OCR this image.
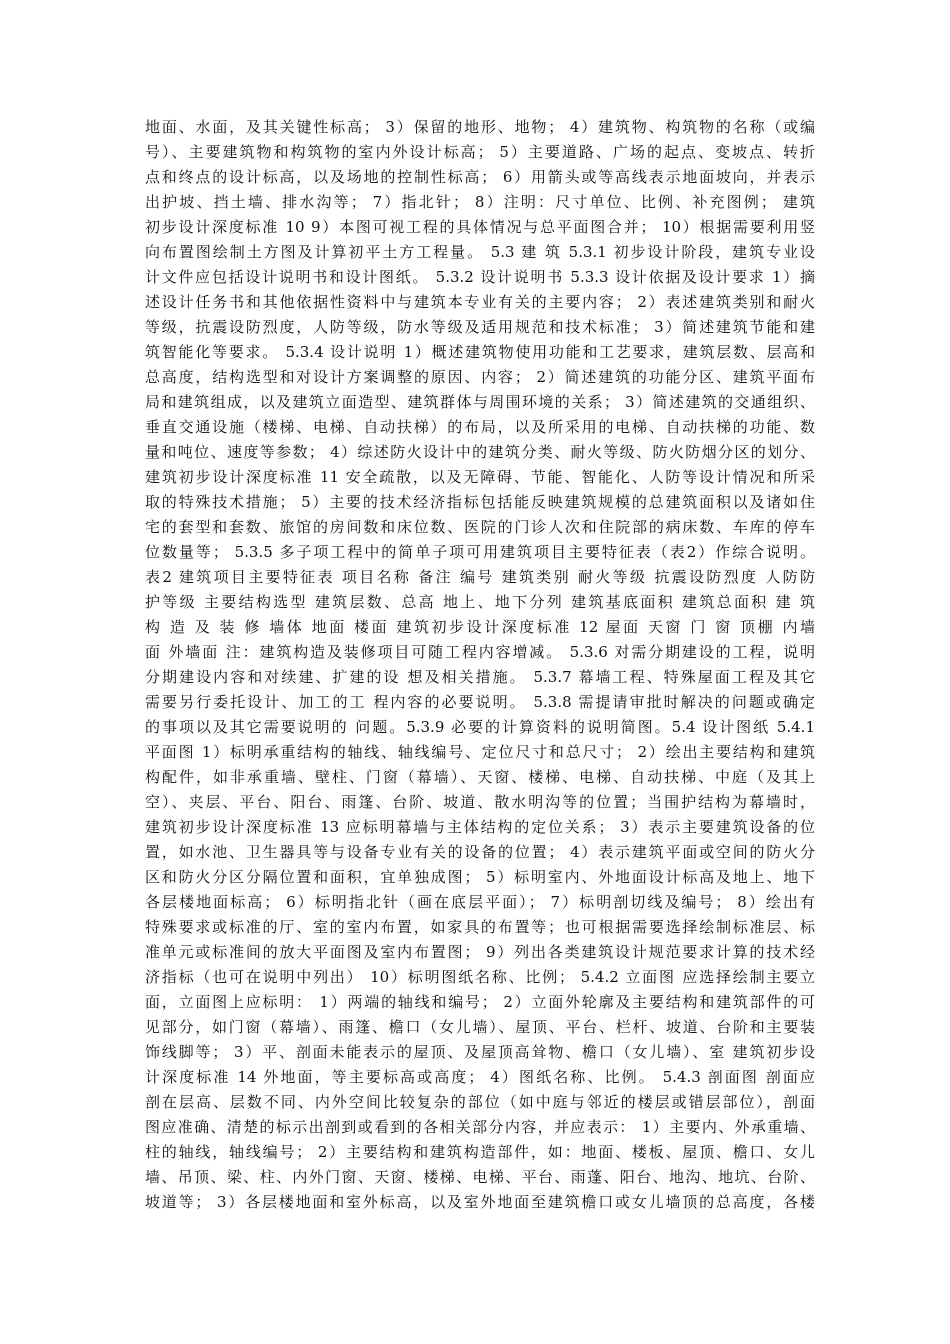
地面、水面，及其关键性标高； 3）保留的地形、地物； 4）建筑物、构筑物的名称（或编
号）、主要建筑物和构筑物的室内外设计标高； 5）主要道路、广场的起点、变坡点、转折
点和终点的设计标高，以及场地的控制性标高； 6）用箭头或等高线表示地面坡向，并表示
出护坡、挡土墙、排水沟等； 7）指北针； 8）注明：尺寸单位、比例、补充图例； 建筑
初步设计深度标准 10 9）本图可视工程的具体情况与总平面图合并； 10）根据需要利用竖
向布置图绘制土方图及计算初平土方工程量。 5.3 建 筑 5.3.1 初步设计阶段，建筑专业设
计文件应包括设计说明书和设计图纸。 5.3.2 设计说明书 5.3.3 设计依据及设计要求 1）摘
述设计任务书和其他依据性资料中与建筑本专业有关的主要内容； 2）表述建筑类别和耐火
等级，抗震设防烈度，人防等级，防水等级及适用规范和技术标准； 3）简述建筑节能和建
筑智能化等要求。 5.3.4 设计说明 1）概述建筑物使用功能和工艺要求，建筑层数、层高和
总高度，结构选型和对设计方案调整的原因、内容； 2）简述建筑的功能分区、建筑平面布
局和建筑组成，以及建筑立面造型、建筑群体与周围环境的关系； 3）简述建筑的交通组织、
垂直交通设施（楼梯、电梯、自动扶梯）的布局，以及所采用的电梯、自动扶梯的功能、数
量和吨位、速度等参数； 4）综述防火设计中的建筑分类、耐火等级、防火防烟分区的划分、
建筑初步设计深度标准 11 安全疏散，以及无障碍、节能、智能化、人防等设计情况和所采
取的特殊技术措施； 5）主要的技术经济指标包括能反映建筑规模的总建筑面积以及诸如住
宅的套型和套数、旅馆的房间数和床位数、医院的门诊人次和住院部的病床数、车库的停车
位数量等； 5.3.5 多子项工程中的简单子项可用建筑项目主要特征表（表2）作综合说明。
表2 建筑项目主要特征表 项目名称 备注 编号 建筑类别 耐火等级 抗震设防烈度 人防防
护等级 主要结构选型 建筑层数、总高 地上、地下分列 建筑基底面积 建筑总面积 建 筑
构 造 及 装 修 墙体 地面 楼面 建筑初步设计深度标准 12 屋面 天窗 门 窗 顶棚 内墙
面 外墙面 注：建筑构造及装修项目可随工程内容增减。 5.3.6 对需分期建设的工程，说明
分期建设内容和对续建、扩建的设 想及相关措施。 5.3.7 幕墙工程、特殊屋面工程及其它
需要另行委托设计、加工的工 程内容的必要说明。 5.3.8 需提请审批时解决的问题或确定
的事项以及其它需要说明的 问题。5.3.9 必要的计算资料的说明简图。5.4 设计图纸 5.4.1
平面图 1）标明承重结构的轴线、轴线编号、定位尺寸和总尺寸； 2）绘出主要结构和建筑
构配件，如非承重墙、壁柱、门窗（幕墙）、天窗、楼梯、电梯、自动扶梯、中庭（及其上
空）、夹层、平台、阳台、雨篷、台阶、坡道、散水明沟等的位置；当围护结构为幕墙时，
建筑初步设计深度标准 13 应标明幕墙与主体结构的定位关系； 3）表示主要建筑设备的位
置，如水池、卫生器具等与设备专业有关的设备的位置； 4）表示建筑平面或空间的防火分
区和防火分区分隔位置和面积，宜单独成图； 5）标明室内、外地面设计标高及地上、地下
各层楼地面标高； 6）标明指北针（画在底层平面）； 7）标明剖切线及编号； 8）绘出有
特殊要求或标准的厅、室的室内布置，如家具的布置等；也可根据需要选择绘制标准层、标
准单元或标准间的放大平面图及室内布置图； 9）列出各类建筑设计规范要求计算的技术经
济指标（也可在说明中列出） 10）标明图纸名称、比例； 5.4.2 立面图 应选择绘制主要立
面，立面图上应标明： 1）两端的轴线和编号； 2）立面外轮廓及主要结构和建筑部件的可
见部分，如门窗（幕墙）、雨篷、檐口（女儿墙）、屋顶、平台、栏杆、坡道、台阶和主要装
饰线脚等； 3）平、剖面未能表示的屋顶、及屋顶高耸物、檐口（女儿墙）、室 建筑初步设
计深度标准 14 外地面，等主要标高或高度； 4）图纸名称、比例。 5.4.3 剖面图 剖面应
剖在层高、层数不同、内外空间比较复杂的部位（如中庭与邻近的楼层或错层部位），剖面
图应准确、清楚的标示出剖到或看到的各相关部分内容，并应表示： 1）主要内、外承重墙、
柱的轴线，轴线编号； 2）主要结构和建筑构造部件，如：地面、楼板、屋顶、檐口、女儿
墙、吊顶、梁、柱、内外门窗、天窗、楼梯、电梯、平台、雨蓬、阳台、地沟、地坑、台阶、
坡道等； 3）各层楼地面和室外标高，以及室外地面至建筑檐口或女儿墙顶的总高度，各楼
